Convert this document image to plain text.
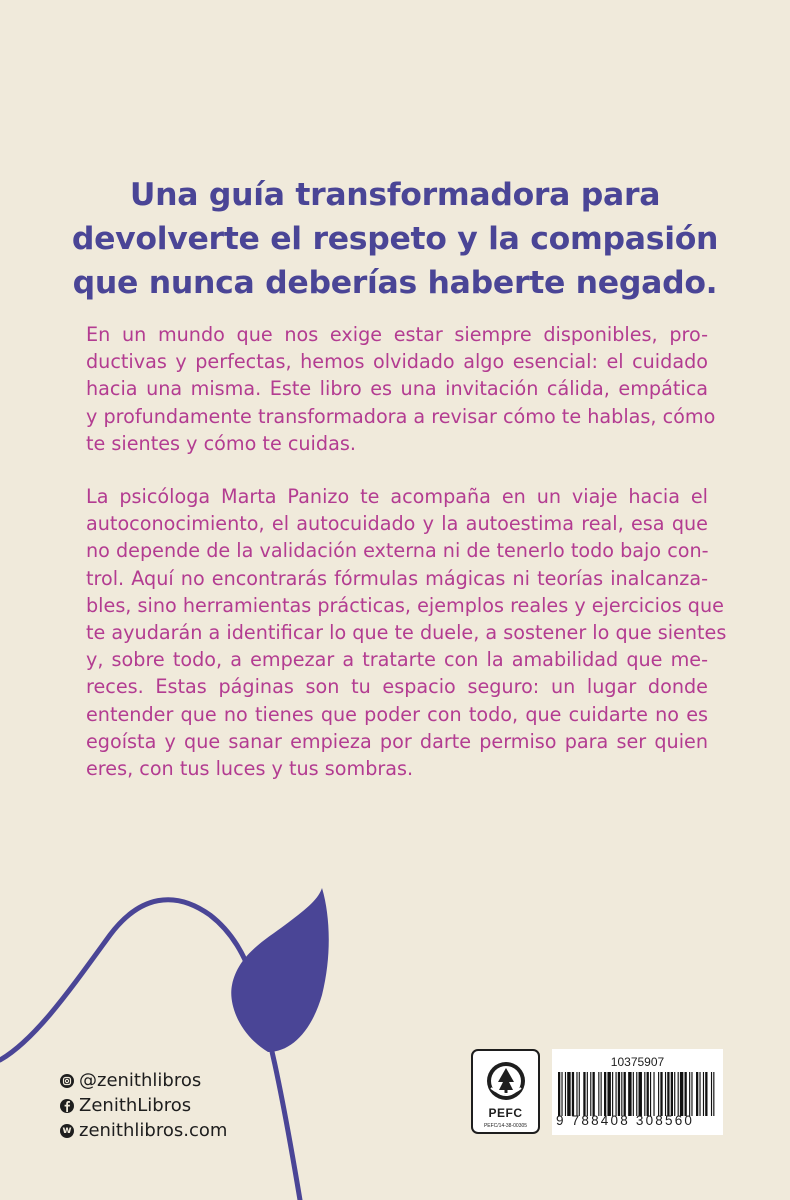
Una guía transformadora para
devolverte el respeto y la compasión
que nunca deberías haberte negado.
En un mundo que nos exige estar siempre disponibles, pro-
ductivas y perfectas, hemos olvidado algo esencial: el cuidado
hacia una misma. Este libro es una invitación cálida, empática
y profundamente transformadora a revisar cómo te hablas, cómo
te sientes y cómo te cuidas.
La psicóloga Marta Panizo te acompaña en un viaje hacia el
autoconocimiento, el autocuidado y la autoestima real, esa que
no depende de la validación externa ni de tenerlo todo bajo con-
trol. Aquí no encontrarás fórmulas mágicas ni teorías inalcanza-
bles, sino herramientas prácticas, ejemplos reales y ejercicios que
te ayudarán a identificar lo que te duele, a sostener lo que sientes
y, sobre todo, a empezar a tratarte con la amabilidad que me-
reces. Estas páginas son tu espacio seguro: un lugar donde
entender que no tienes que poder con todo, que cuidarte no es
egoísta y que sanar empieza por darte permiso para ser quien
eres, con tus luces y tus sombras.
@zenithlibros
ZenithLibros
w zenithlibros.com
PEFC
PEFC/14-38-00305
10375907
9 788408 308560
